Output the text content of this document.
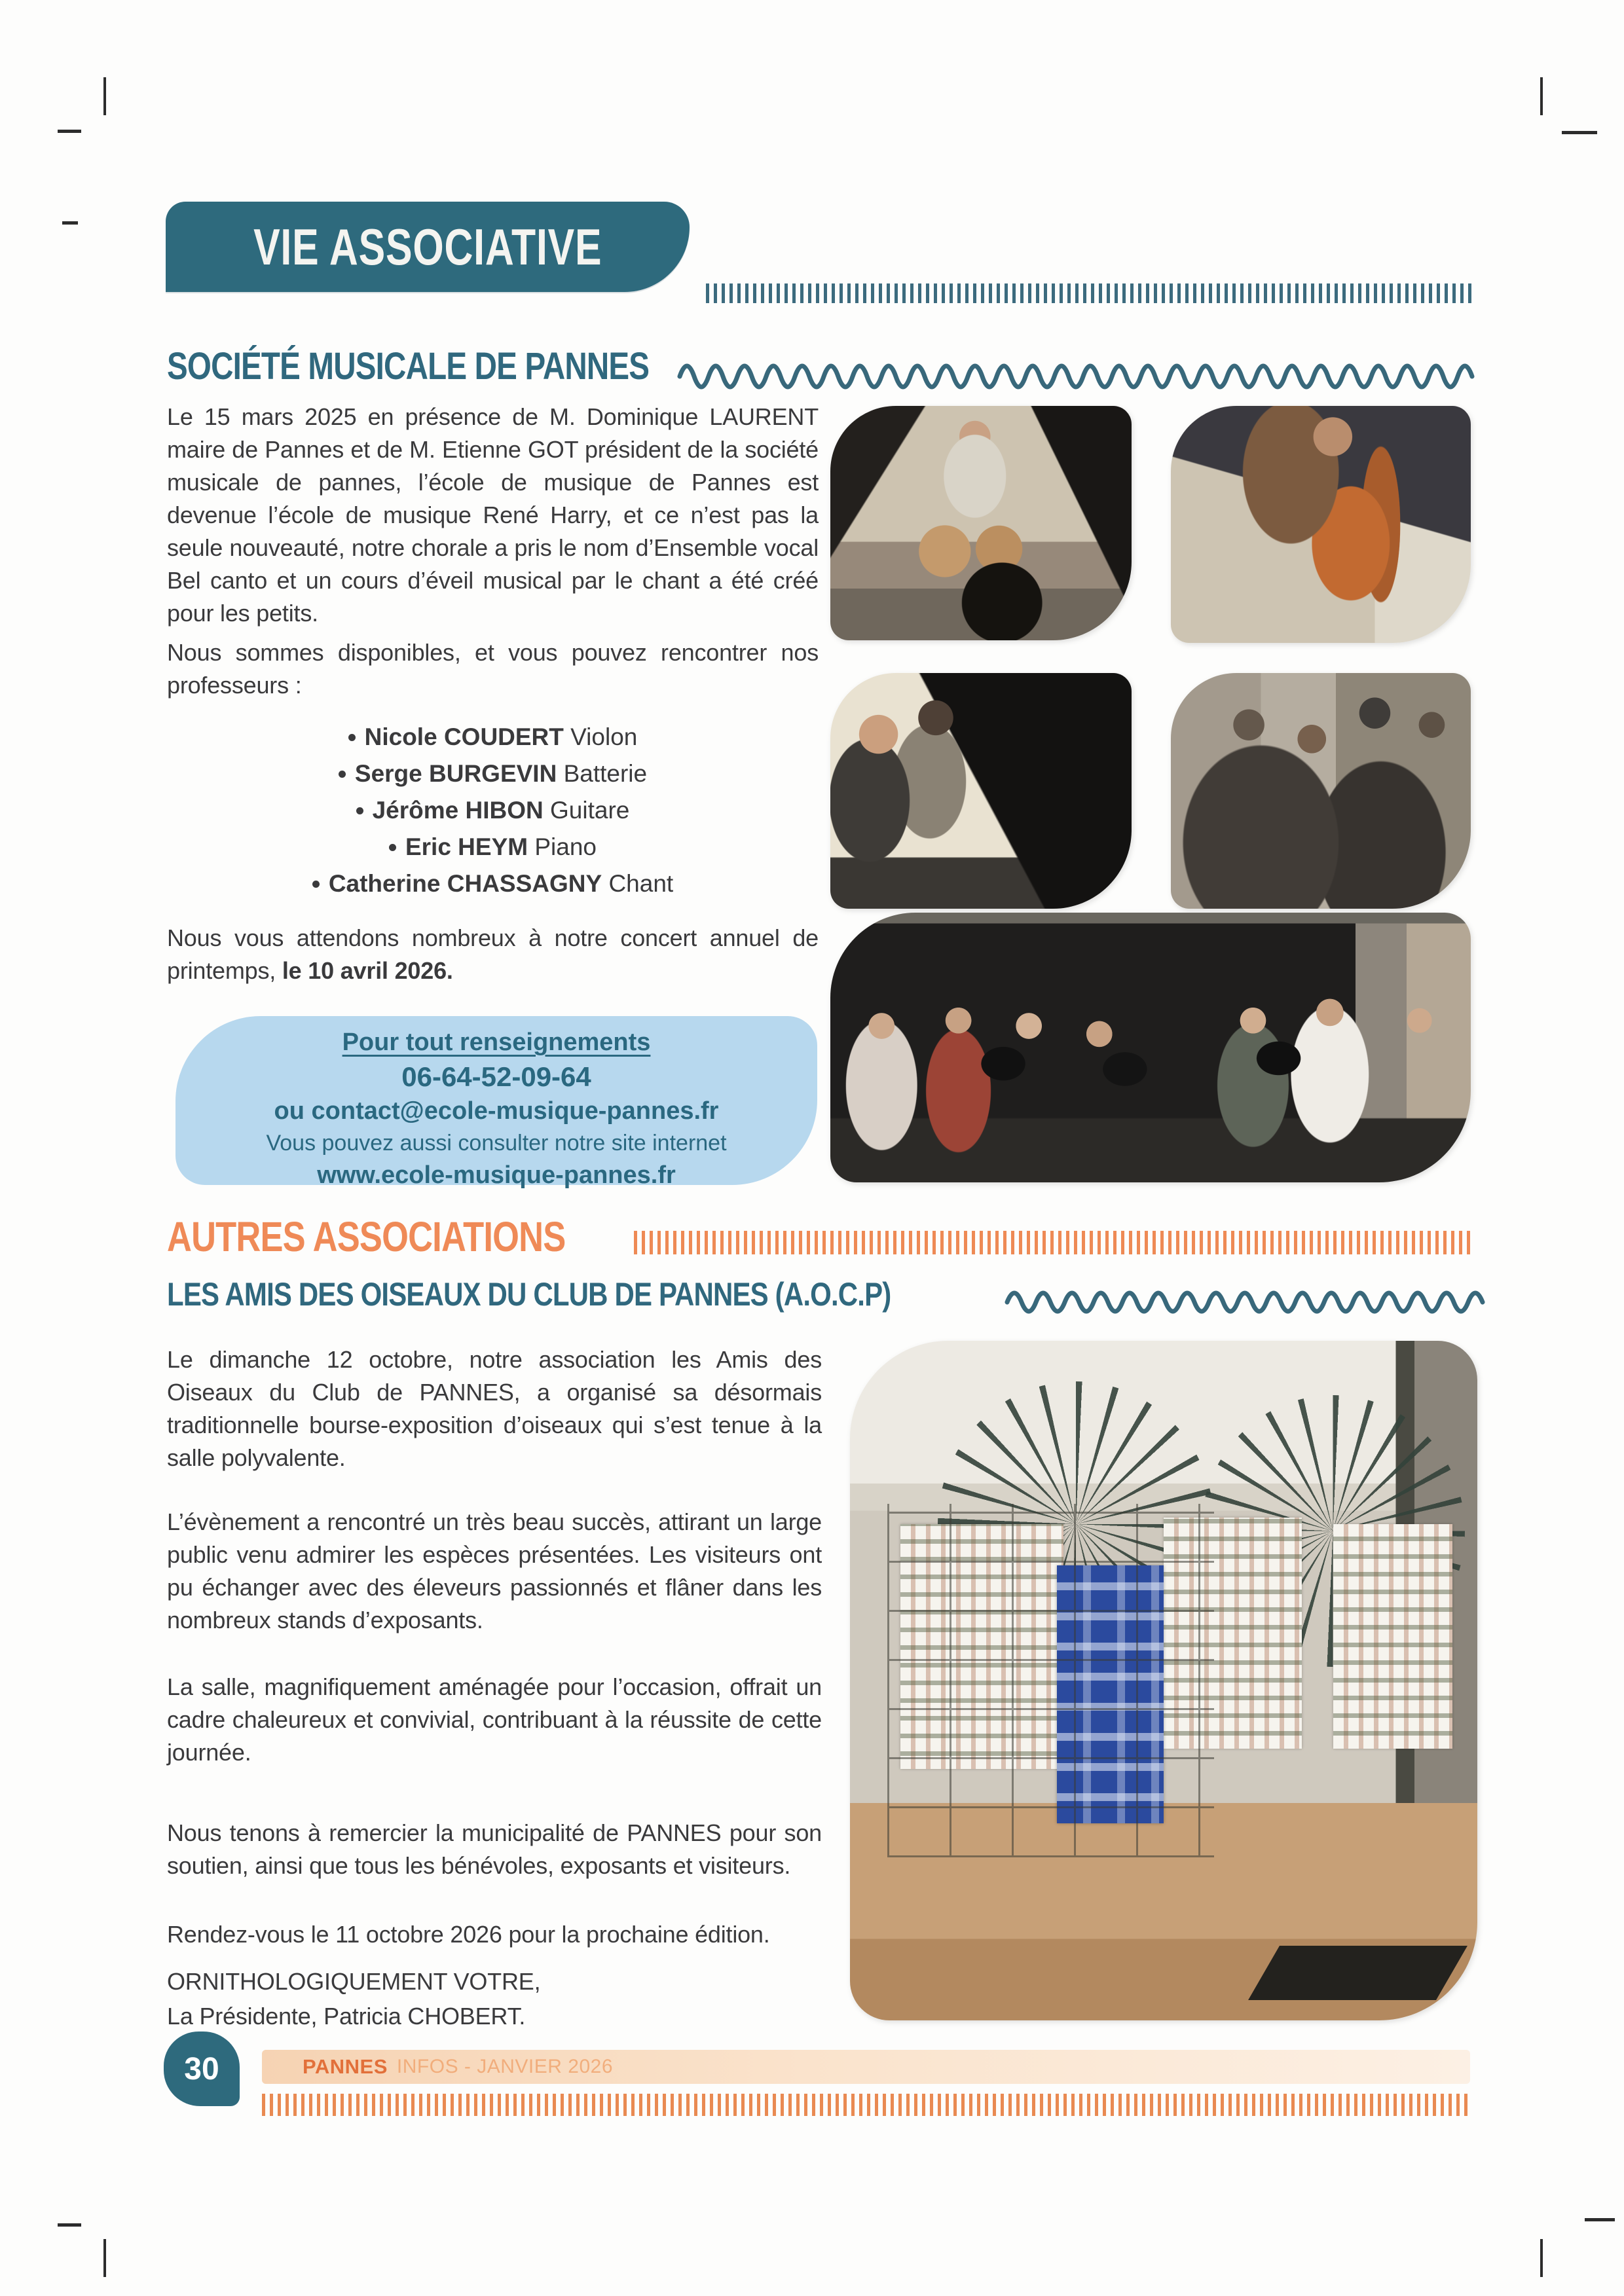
VIE ASSOCIATIVE
SOCIÉTÉ MUSICALE DE PANNES
Le 15 mars 2025 en présence de M. Dominique LAURENT maire de Pannes et de M. Etienne GOT président de la société musicale de pannes, l’école de musique de Pannes est devenue l’école de musique René Harry, et ce n’est pas la seule nouveauté, notre chorale a pris le nom d’Ensemble vocal Bel canto et un cours d’éveil musical par le chant a été créé pour les petits.
Nous sommes disponibles, et vous pouvez rencontrer nos professeurs :
Nicole COUDERT Violon
Serge BURGEVIN Batterie
Jérôme HIBON Guitare
Eric HEYM Piano
Catherine CHASSAGNY Chant
Nous vous attendons nombreux à notre concert annuel de printemps, le 10 avril 2026.
Pour tout renseignements
06-64-52-09-64
ou contact@ecole-musique-pannes.fr
Vous pouvez aussi consulter notre site internet
www.ecole-musique-pannes.fr
AUTRES ASSOCIATIONS
LES AMIS DES OISEAUX DU CLUB DE PANNES (A.O.C.P)
Le dimanche 12 octobre, notre association les Amis des Oiseaux du Club de PANNES, a organisé sa désormais traditionnelle bourse-exposition d’oiseaux qui s’est tenue à la salle polyvalente.
L’évènement a rencontré un très beau succès, attirant un large public venu admirer les espèces présentées. Les visiteurs ont pu échanger avec des éleveurs passionnés et flâner dans les nombreux stands d’exposants.
La salle, magnifiquement aménagée pour l’occasion, offrait un cadre chaleureux et convivial, contribuant à la réussite de cette journée.
Nous tenons à remercier la municipalité de PANNES pour son soutien, ainsi que tous les bénévoles, exposants et visiteurs.
Rendez-vous le 11 octobre 2026 pour la prochaine édition.
ORNITHOLOGIQUEMENT VOTRE,
La Présidente, Patricia CHOBERT.
30	PANNES INFOS - JANVIER 2026
